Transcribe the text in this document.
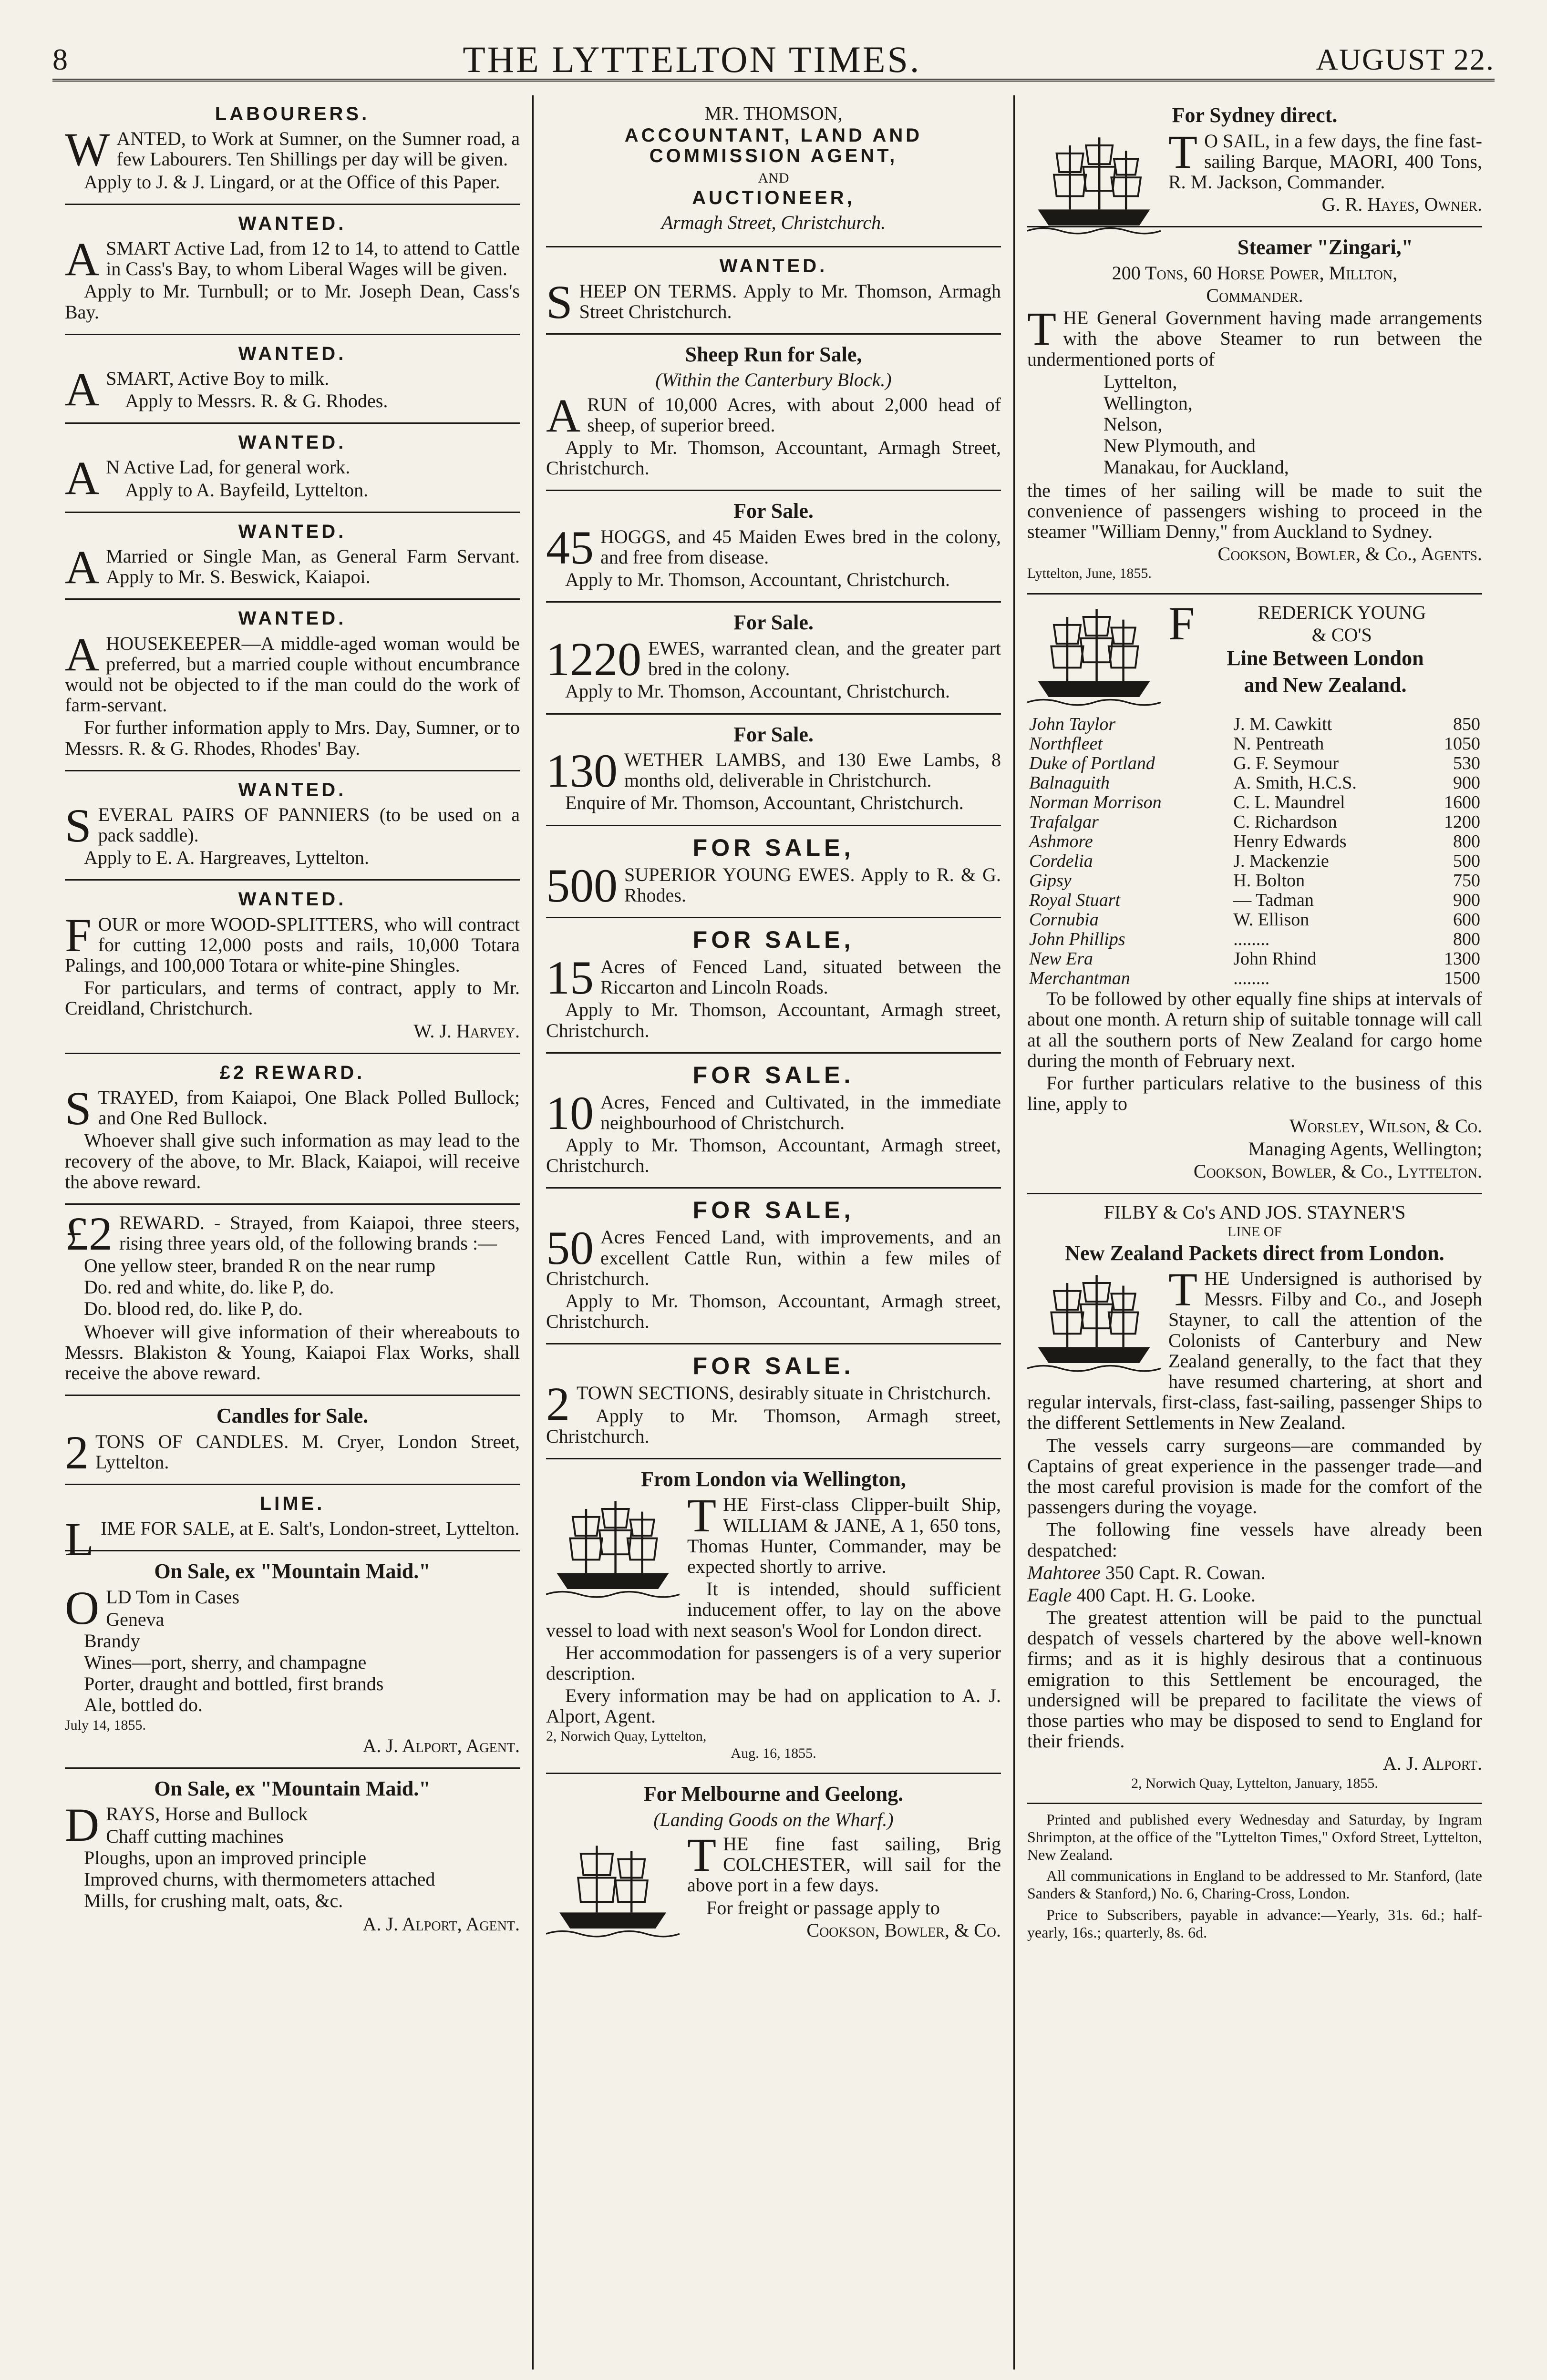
8	THE LYTTELTON TIMES.	AUGUST 22.
LABOURERS.

WANTED, to Work at Sumner, on the Sumner road, a few Labourers. Ten Shillings per day will be given.

Apply to J. & J. Lingard, or at the Office of this Paper.

WANTED.

ASMART Active Lad, from 12 to 14, to attend to Cattle in Cass's Bay, to whom Liberal Wages will be given.

Apply to Mr. Turnbull; or to Mr. Joseph Dean, Cass's Bay.

WANTED.

ASMART, Active Boy to milk.

Apply to Messrs. R. & G. Rhodes.

WANTED.

A N Active Lad, for general work.

Apply to A. Bayfeild, Lyttelton.

WANTED.

A Married or Single Man, as General Farm Servant. Apply to Mr. S. Beswick, Kaiapoi.

WANTED.

AHOUSEKEEPER—A middle-aged woman would be preferred, but a married couple without encumbrance would not be objected to if the man could do the work of farm-servant.

For further information apply to Mrs. Day, Sumner, or to Messrs. R. & G. Rhodes, Rhodes' Bay.

WANTED.

SEVERAL PAIRS OF PANNIERS (to be used on a pack saddle).

Apply to E. A. Hargreaves, Lyttelton.

WANTED.

FOUR or more WOOD-SPLITTERS, who will contract for cutting 12,000 posts and rails, 10,000 Totara Palings, and 100,000 Totara or white-pine Shingles.

For particulars, and terms of contract, apply to Mr. Creidland, Christchurch.

W. J. Harvey.

£2 REWARD.

STRAYED, from Kaiapoi, One Black Polled Bullock; and One Red Bullock.

Whoever shall give such information as may lead to the recovery of the above, to Mr. Black, Kaiapoi, will receive the above reward.

£2 REWARD. - Strayed, from Kaiapoi, three steers, rising three years old, of the following brands :—

One yellow steer, branded R on the near rump
Do. red and white, do. like P, do.
Do. blood red, do. like P, do.

Whoever will give information of their whereabouts to Messrs. Blakiston & Young, Kaiapoi Flax Works, shall receive the above reward.

Candles for Sale.

2 TONS OF CANDLES. M. Cryer, London Street, Lyttelton.

LIME.

LIME FOR SALE, at E. Salt's, London-street, Lyttelton.

On Sale, ex "Mountain Maid."

OLD Tom in Cases

Geneva
Brandy
Wines—port, sherry, and champagne
Porter, draught and bottled, first brands
Ale, bottled do.

July 14, 1855.

A. J. Alport, Agent.

On Sale, ex "Mountain Maid."

DRAYS, Horse and Bullock

Chaff cutting machines
Ploughs, upon an improved principle
Improved churns, with thermometers attached
Mills, for crushing malt, oats, &c.

A. J. Alport, Agent.

MR. THOMSON,
ACCOUNTANT, LAND AND COMMISSION AGENT,
AND
AUCTIONEER,
Armagh Street, Christchurch.
WANTED.

SHEEP ON TERMS. Apply to Mr. Thomson, Armagh Street Christchurch.

Sheep Run for Sale,
(Within the Canterbury Block.)

ARUN of 10,000 Acres, with about 2,000 head of sheep, of superior breed.

Apply to Mr. Thomson, Accountant, Armagh Street, Christchurch.

For Sale.

45 HOGGS, and 45 Maiden Ewes bred in the colony, and free from disease.

Apply to Mr. Thomson, Accountant, Christchurch.

For Sale.

1220 EWES, warranted clean, and the greater part bred in the colony.

Apply to Mr. Thomson, Accountant, Christchurch.

For Sale.

130 WETHER LAMBS, and 130 Ewe Lambs, 8 months old, deliverable in Christchurch.

Enquire of Mr. Thomson, Accountant, Christchurch.

FOR SALE,

500 SUPERIOR YOUNG EWES. Apply to R. & G. Rhodes.

FOR SALE,

15 Acres of Fenced Land, situated between the Riccarton and Lincoln Roads.

Apply to Mr. Thomson, Accountant, Armagh street, Christchurch.

FOR SALE.

10 Acres, Fenced and Cultivated, in the immediate neighbourhood of Christchurch.

Apply to Mr. Thomson, Accountant, Armagh street, Christchurch.

FOR SALE,

50 Acres Fenced Land, with improvements, and an excellent Cattle Run, within a few miles of Christchurch.

Apply to Mr. Thomson, Accountant, Armagh street, Christchurch.

FOR SALE.

2 TOWN SECTIONS, desirably situate in Christchurch.

Apply to Mr. Thomson, Armagh street, Christchurch.

From London via Wellington,

THE First-class Clipper-built Ship, WILLIAM & JANE, A 1, 650 tons, Thomas Hunter, Commander, may be expected shortly to arrive.

It is intended, should sufficient inducement offer, to lay on the above vessel to load with next season's Wool for London direct.

Her accommodation for passengers is of a very superior description.

Every information may be had on application to A. J. Alport, Agent.

2, Norwich Quay, Lyttelton,

Aug. 16, 1855.

For Melbourne and Geelong.
(Landing Goods on the Wharf.)

THE fine fast sailing, Brig COLCHESTER, will sail for the above port in a few days.

For freight or passage apply to

Cookson, Bowler, & Co.

For Sydney direct.

T O SAIL, in a few days, the fine fast-sailing Barque, MAORI, 400 Tons, R. M. Jackson, Commander.

G. R. Hayes, Owner.

Steamer "Zingari,"
200 Tons, 60 Horse Power, Millton,
Commander.

THE General Government having made arrangements with the above Steamer to run between the undermentioned ports of

Lyttelton,
Wellington,
Nelson,
New Plymouth, and
Manakau, for Auckland,

the times of her sailing will be made to suit the convenience of passengers wishing to proceed in the steamer "William Denny," from Auckland to Sydney.

Cookson, Bowler, & Co., Agents.

Lyttelton, June, 1855.

F	REDERICK YOUNG

& CO'S
Line Between London
and New Zealand.
John Taylor	J. M. Cawkitt	850
Northfleet	N. Pentreath	1050
Duke of Portland	G. F. Seymour	530
Balnaguith	A. Smith, H.C.S.	900
Norman Morrison	C. L. Maundrel	1600
Trafalgar	C. Richardson	1200
Ashmore	Henry Edwards	800
Cordelia	J. Mackenzie	500
Gipsy	H. Bolton	750
Royal Stuart	— Tadman	900
Cornubia	W. Ellison	600
John Phillips	........	800
New Era	John Rhind	1300
Merchantman	........	1500

To be followed by other equally fine ships at intervals of about one month. A return ship of suitable tonnage will call at all the southern ports of New Zealand for cargo home during the month of February next.

For further particulars relative to the business of this line, apply to

Worsley, Wilson, & Co.

Managing Agents, Wellington;

Cookson, Bowler, & Co., Lyttelton.

FILBY & Co's AND JOS. STAYNER'S
LINE OF
New Zealand Packets direct from London.

THE Undersigned is authorised by Messrs. Filby and Co., and Joseph Stayner, to call the attention of the Colonists of Canterbury and New Zealand generally, to the fact that they have resumed chartering, at short and regular intervals, first-class, fast-sailing, passenger Ships to the different Settlements in New Zealand.

The vessels carry surgeons—are commanded by Captains of great experience in the passenger trade—and the most careful provision is made for the comfort of the passengers during the voyage.

The following fine vessels have already been despatched:

Mahtoree 350 Capt. R. Cowan.

Eagle 400 Capt. H. G. Looke.

The greatest attention will be paid to the punctual despatch of vessels chartered by the above well-known firms; and as it is highly desirous that a continuous emigration to this Settlement be encouraged, the undersigned will be prepared to facilitate the views of those parties who may be disposed to send to England for their friends.

A. J. Alport.

2, Norwich Quay, Lyttelton, January, 1855.

Printed and published every Wednesday and Saturday, by Ingram Shrimpton, at the office of the "Lyttelton Times," Oxford Street, Lyttelton, New Zealand.

All communications in England to be addressed to Mr. Stanford, (late Sanders & Stanford,) No. 6, Charing-Cross, London.

Price to Subscribers, payable in advance:—Yearly, 31s. 6d.; half-yearly, 16s.; quarterly, 8s. 6d.
